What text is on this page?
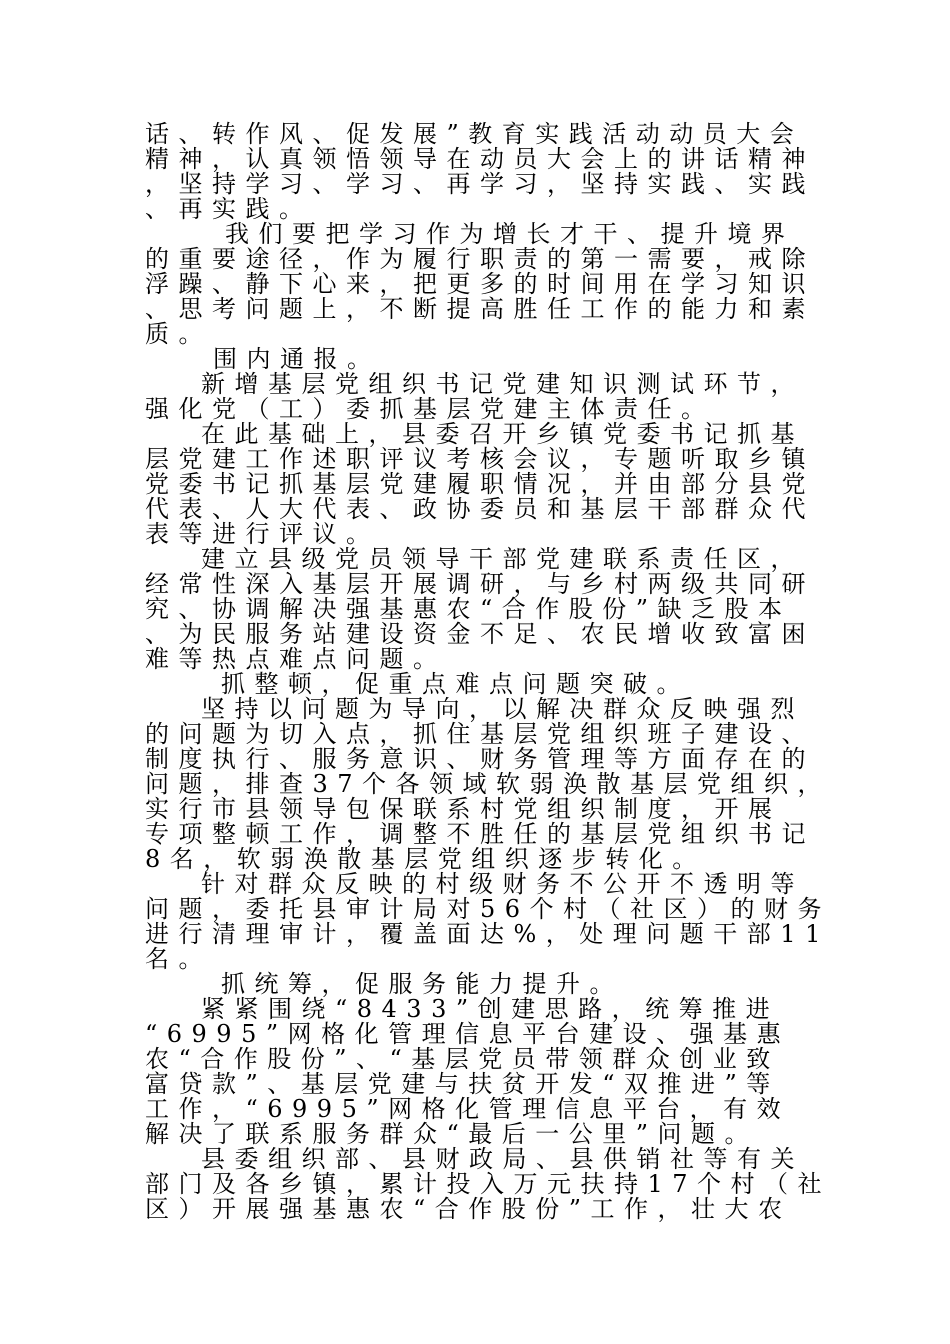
话、转作风、促发展”教育实践活动动员大会
精神，认真领悟领导在动员大会上的讲话精神
，坚持学习、学习、再学习，坚持实践、实践
、再实践。
我们要把学习作为增长才干、提升境界
的重要途径，作为履行职责的第一需要，戒除
浮躁、静下心来，把更多的时间用在学习知识
、思考问题上，不断提高胜任工作的能力和素
质。
围内通报。
新增基层党组织书记党建知识测试环节，
强化党（工）委抓基层党建主体责任。
在此基础上，县委召开乡镇党委书记抓基
层党建工作述职评议考核会议，专题听取乡镇
党委书记抓基层党建履职情况，并由部分县党
代表、人大代表、政协委员和基层干部群众代
表等进行评议。
建立县级党员领导干部党建联系责任区，
经常性深入基层开展调研，与乡村两级共同研
究、协调解决强基惠农“合作股份”缺乏股本
、为民服务站建设资金不足、农民增收致富困
难等热点难点问题。
抓整顿，促重点难点问题突破。
坚持以问题为导向，以解决群众反映强烈
的问题为切入点，抓住基层党组织班子建设、
制度执行、服务意识、财务管理等方面存在的
问题，排查37个各领域软弱涣散基层党组织，
实行市县领导包保联系村党组织制度，开展
专项整顿工作，调整不胜任的基层党组织书记
8名，软弱涣散基层党组织逐步转化。
针对群众反映的村级财务不公开不透明等
问题，委托县审计局对56个村（社区）的财务
进行清理审计，覆盖面达%，处理问题干部11
名。
抓统筹，促服务能力提升。
紧紧围绕“8433”创建思路，统筹推进
“6995”网格化管理信息平台建设、强基惠
农“合作股份”、“基层党员带领群众创业致
富贷款”、基层党建与扶贫开发“双推进”等
工作，“6995”网格化管理信息平台，有效
解决了联系服务群众“最后一公里”问题。
县委组织部、县财政局、县供销社等有关
部门及各乡镇，累计投入万元扶持17个村（社
区）开展强基惠农“合作股份”工作，壮大农
